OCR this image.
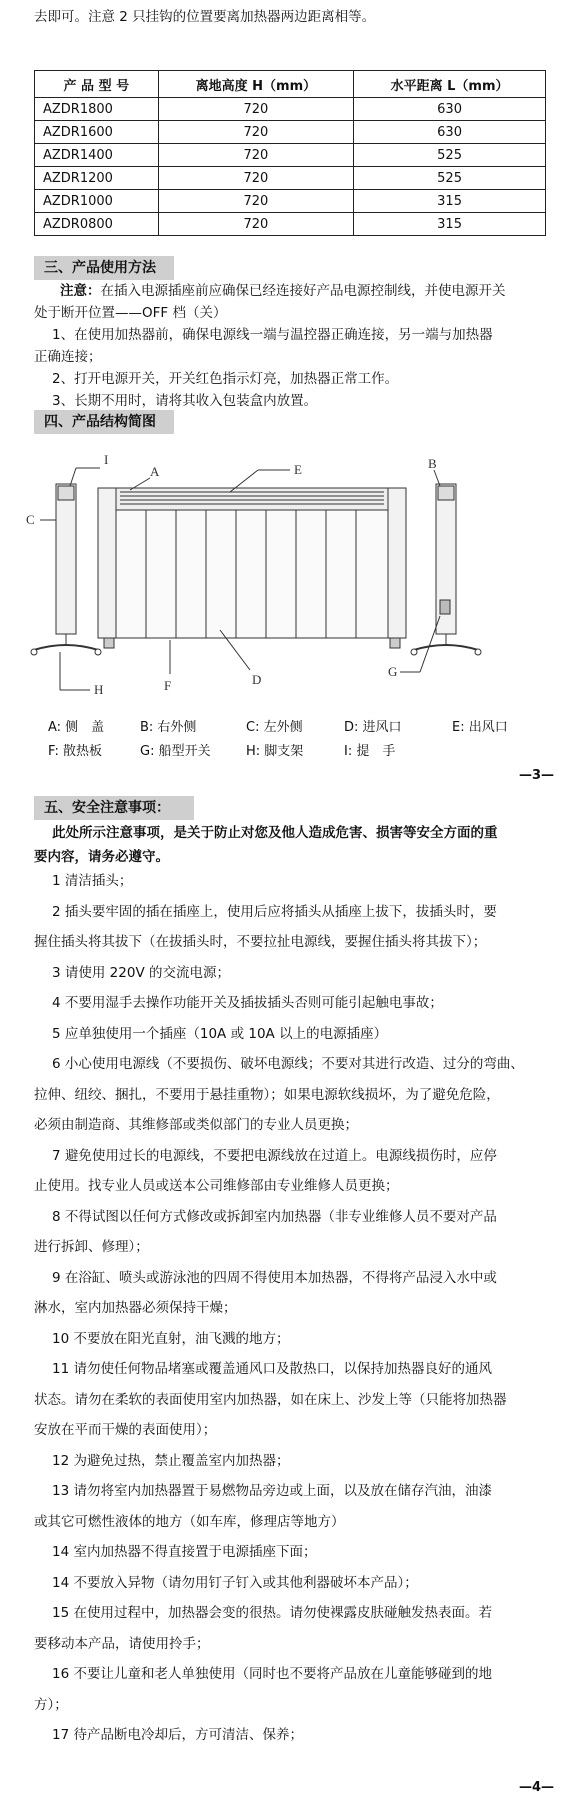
去即可。注意 2 只挂钩的位置要离加热器两边距离相等。
产 品 型 号	离地高度 H（mm）	水平距离 L（mm）
AZDR1800	720	630
AZDR1600	720	630
AZDR1400	720	525
AZDR1200	720	525
AZDR1000	720	315
AZDR0800	720	315
三、产品使用方法
注意：在插入电源插座前应确保已经连接好产品电源控制线，并使电源开关
处于断开位置——OFF 档（关）
1、在使用加热器前，确保电源线一端与温控器正确连接，另一端与加热器
正确连接；
2、打开电源开关，开关红色指示灯亮，加热器正常工作。
3、长期不用时，请将其收入包装盒内放置。
四、产品结构简图
I
A	E	B
C
D
F
G
H
A: 侧　盖	B: 右外侧	C: 左外侧	D: 进风口	E: 出风口
F: 散热板	G: 船型开关	H: 脚支架	I: 提　手
—3—
五、安全注意事项：
此处所示注意事项，是关于防止对您及他人造成危害、损害等安全方面的重
要内容，请务必遵守。
1 清洁插头；
2 插头要牢固的插在插座上，使用后应将插头从插座上拔下，拔插头时，要
握住插头将其拔下（在拔插头时，不要拉扯电源线，要握住插头将其拔下）；
3 请使用 220V 的交流电源；
4 不要用湿手去操作功能开关及插拔插头否则可能引起触电事故；
5 应单独使用一个插座（10A 或 10A 以上的电源插座）
6 小心使用电源线（不要损伤、破坏电源线；不要对其进行改造、过分的弯曲、
拉伸、纽绞、捆扎，不要用于悬挂重物）；如果电源软线损坏，为了避免危险，
必须由制造商、其维修部或类似部门的专业人员更换；
7 避免使用过长的电源线，不要把电源线放在过道上。电源线损伤时，应停
止使用。找专业人员或送本公司维修部由专业维修人员更换；
8 不得试图以任何方式修改或拆卸室内加热器（非专业维修人员不要对产品
进行拆卸、修理）；
9 在浴缸、喷头或游泳池的四周不得使用本加热器，不得将产品浸入水中或
淋水，室内加热器必须保持干燥；
10 不要放在阳光直射，油飞溅的地方；
11 请勿使任何物品堵塞或覆盖通风口及散热口，以保持加热器良好的通风
状态。请勿在柔软的表面使用室内加热器，如在床上、沙发上等（只能将加热器
安放在平而干燥的表面使用）；
12 为避免过热，禁止覆盖室内加热器；
13 请勿将室内加热器置于易燃物品旁边或上面，以及放在储存汽油，油漆
或其它可燃性液体的地方（如车库，修理店等地方）
14 室内加热器不得直接置于电源插座下面；
14 不要放入异物（请勿用钉子钉入或其他利器破坏本产品）；
15 在使用过程中，加热器会变的很热。请勿使裸露皮肤碰触发热表面。若
要移动本产品，请使用拎手；
16 不要让儿童和老人单独使用（同时也不要将产品放在儿童能够碰到的地
方）；
17 待产品断电冷却后，方可清洁、保养；
—4—
